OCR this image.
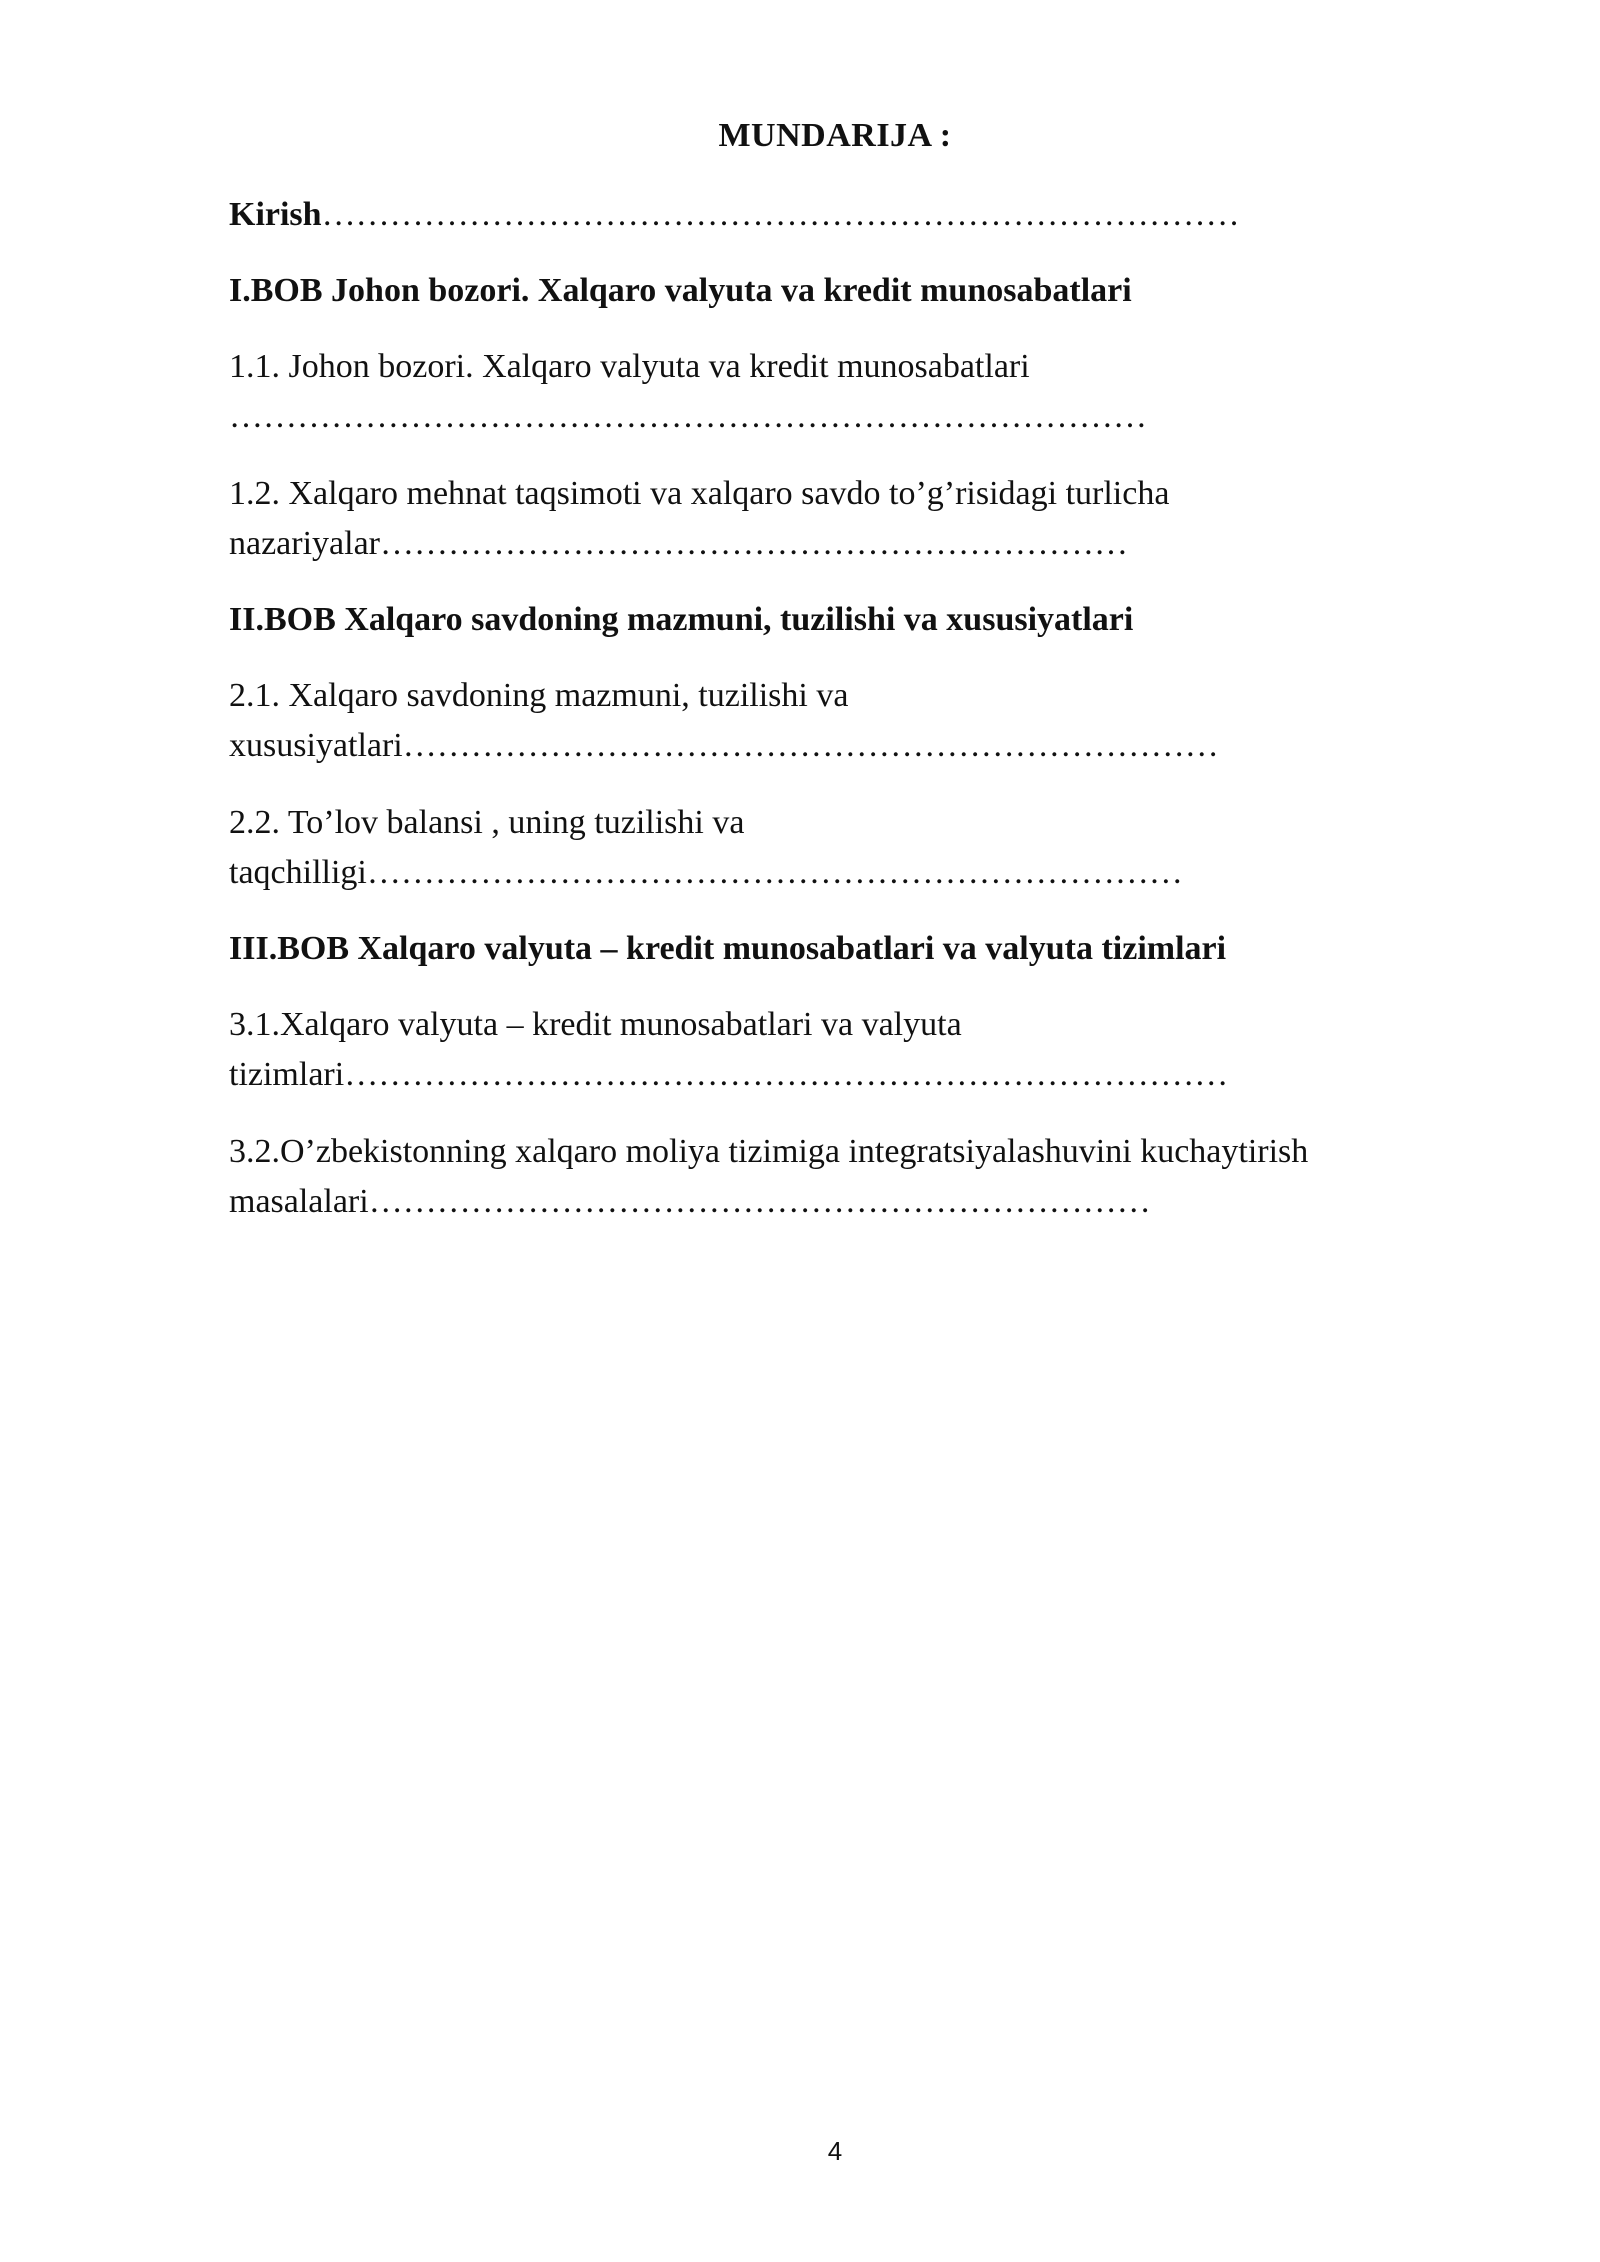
MUNDARIJA :
Kirish………………………………………………………………………
I.BOB Johon bozori. Xalqaro valyuta va kredit munosabatlari
1.1. Johon bozori. Xalqaro valyuta va kredit munosabatlari
………………………………………………………………………
1.2. Xalqaro mehnat taqsimoti va xalqaro savdo to’g’risidagi turlicha
nazariyalar…………………………………………………………
II.BOB Xalqaro savdoning mazmuni, tuzilishi va xususiyatlari
2.1. Xalqaro savdoning mazmuni, tuzilishi va
xususiyatlari………………………………………………………………
2.2. To’lov balansi , uning tuzilishi va
taqchilligi………………………………………………………………
III.BOB Xalqaro valyuta – kredit munosabatlari va valyuta tizimlari
3.1.Xalqaro valyuta – kredit munosabatlari va valyuta
tizimlari……………………………………………………………………
3.2.O’zbekistonning xalqaro moliya tizimiga integratsiyalashuvini kuchaytirish
masalalari……………………………………………………………
4
